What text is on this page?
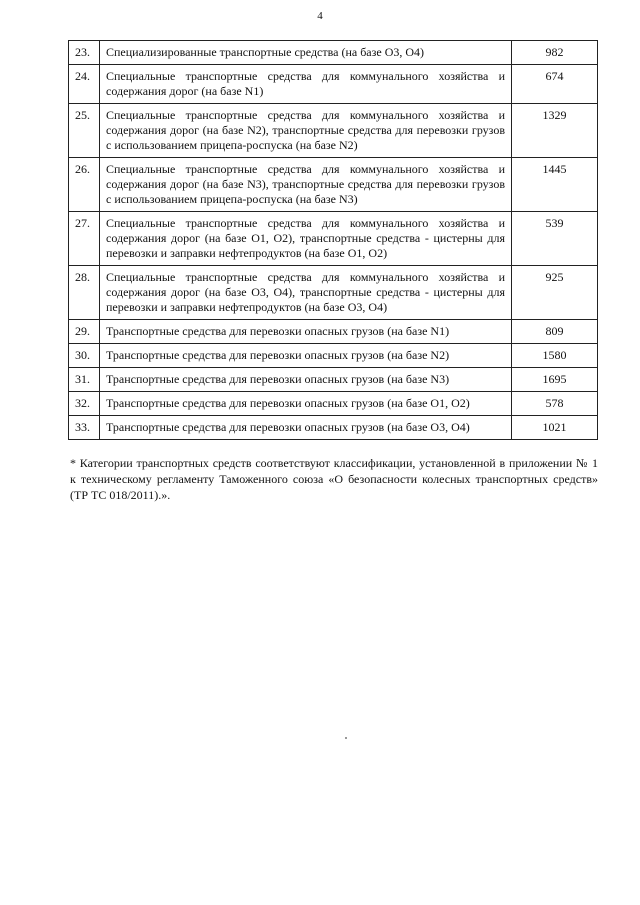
4
23.	Специализированные транспортные средства (на базе O3, O4)	982
24.	Специальные транспортные средства для коммунального хозяйства и содержания дорог (на базе N1)	674
25.	Специальные транспортные средства для коммунального хозяйства и содержания дорог (на базе N2), транспортные средства для перевозки грузов с использованием прицепа-роспуска (на базе N2)	1329
26.	Специальные транспортные средства для коммунального хозяйства и содержания дорог (на базе N3), транспортные средства для перевозки грузов с использованием прицепа-роспуска (на базе N3)	1445
27.	Специальные транспортные средства для коммунального хозяйства и содержания дорог (на базе O1, O2), транспортные средства - цистерны для перевозки и заправки нефтепродуктов (на базе O1, O2)	539
28.	Специальные транспортные средства для коммунального хозяйства и содержания дорог (на базе O3, O4), транспортные средства - цистерны для перевозки и заправки нефтепродуктов (на базе O3, O4)	925
29.	Транспортные средства для перевозки опасных грузов (на базе N1)	809
30.	Транспортные средства для перевозки опасных грузов (на базе N2)	1580
31.	Транспортные средства для перевозки опасных грузов (на базе N3)	1695
32.	Транспортные средства для перевозки опасных грузов (на базе O1, O2)	578
33.	Транспортные средства для перевозки опасных грузов (на базе O3, O4)	1021
* Категории транспортных средств соответствуют классификации, установленной в приложении № 1 к техническому регламенту Таможенного союза «О безопасности колесных транспортных средств» (ТР ТС 018/2011).».
